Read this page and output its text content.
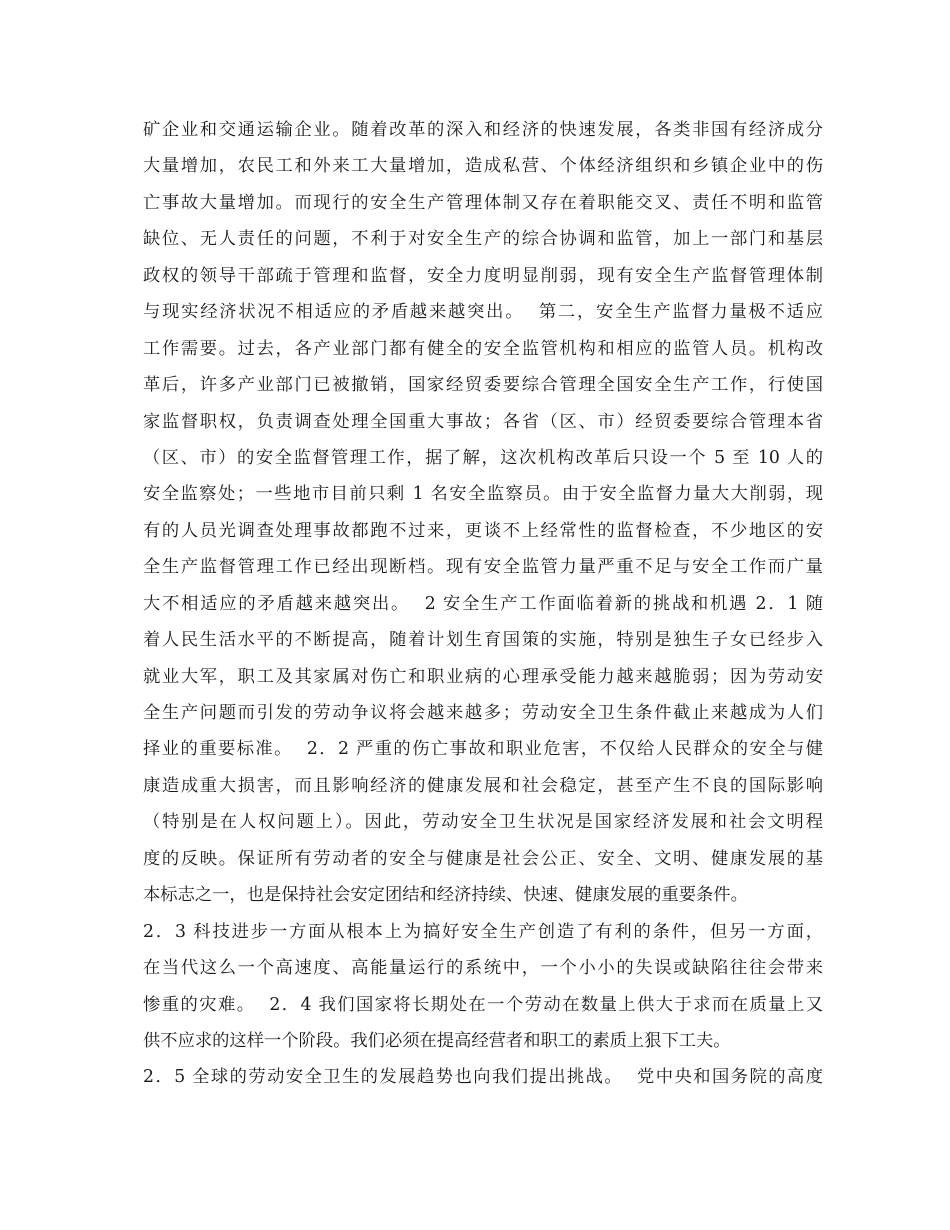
矿企业和交通运输企业。随着改革的深入和经济的快速发展，各类非国有经济成分
大量增加，农民工和外来工大量增加，造成私营、个体经济组织和乡镇企业中的伤
亡事故大量增加。而现行的安全生产管理体制又存在着职能交叉、责任不明和监管
缺位、无人责任的问题，不利于对安全生产的综合协调和监管，加上一部门和基层
政权的领导干部疏于管理和监督，安全力度明显削弱，现有安全生产监督管理体制
与现实经济状况不相适应的矛盾越来越突出。  第二，安全生产监督力量极不适应
工作需要。过去，各产业部门都有健全的安全监管机构和相应的监管人员。机构改
革后，许多产业部门已被撤销，国家经贸委要综合管理全国安全生产工作，行使国
家监督职权，负责调查处理全国重大事故；各省（区、市）经贸委要综合管理本省
（区、市）的安全监督管理工作，据了解，这次机构改革后只设一个 5 至 10 人的
安全监察处；一些地市目前只剩 1 名安全监察员。由于安全监督力量大大削弱，现
有的人员光调查处理事故都跑不过来，更谈不上经常性的监督检查，不少地区的安
全生产监督管理工作已经出现断档。现有安全监管力量严重不足与安全工作而广量
大不相适应的矛盾越来越突出。  2 安全生产工作面临着新的挑战和机遇 2．1 随
着人民生活水平的不断提高，随着计划生育国策的实施，特别是独生子女已经步入
就业大军，职工及其家属对伤亡和职业病的心理承受能力越来越脆弱；因为劳动安
全生产问题而引发的劳动争议将会越来越多；劳动安全卫生条件截止来越成为人们
择业的重要标准。  2．2 严重的伤亡事故和职业危害，不仅给人民群众的安全与健
康造成重大损害，而且影响经济的健康发展和社会稳定，甚至产生不良的国际影响
（特别是在人权问题上）。因此，劳动安全卫生状况是国家经济发展和社会文明程
度的反映。保证所有劳动者的安全与健康是社会公正、安全、文明、健康发展的基
本标志之一，也是保持社会安定团结和经济持续、快速、健康发展的重要条件。
2．3 科技进步一方面从根本上为搞好安全生产创造了有利的条件，但另一方面，
在当代这么一个高速度、高能量运行的系统中，一个小小的失误或缺陷往往会带来
惨重的灾难。  2．4 我们国家将长期处在一个劳动在数量上供大于求而在质量上又
供不应求的这样一个阶段。我们必须在提高经营者和职工的素质上狠下工夫。
2．5 全球的劳动安全卫生的发展趋势也向我们提出挑战。  党中央和国务院的高度
